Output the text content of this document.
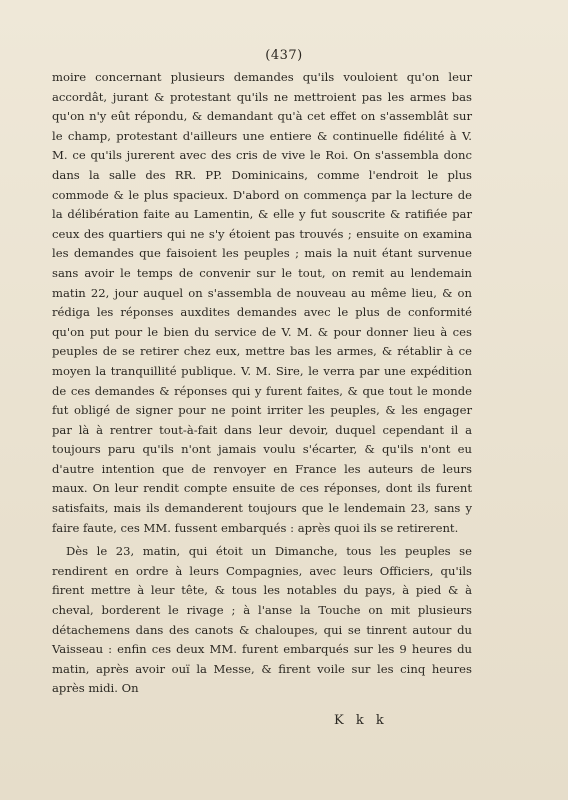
(437)

moire concernant plusieurs demandes qu'ils vouloient qu'on leur accordât, jurant & protestant qu'ils ne mettroient pas les armes bas qu'on n'y eût répondu, & demandant qu'à cet effet on s'assemblât sur le champ, protestant d'ailleurs une entiere & continuelle fidélité à V. M. ce qu'ils jurerent avec des cris de vive le Roi. On s'assembla donc dans la salle des RR. PP. Dominicains, comme l'endroit le plus commode & le plus spacieux. D'abord on commença par la lecture de la délibération faite au Lamentin, & elle y fut souscrite & ratifiée par ceux des quartiers qui ne s'y étoient pas trouvés ; ensuite on examina les demandes que faisoient les peuples ; mais la nuit étant survenue sans avoir le temps de convenir sur le tout, on remit au lendemain matin 22, jour auquel on s'assembla de nouveau au même lieu, & on rédiga les réponses auxdites demandes avec le plus de conformité qu'on put pour le bien du service de V. M. & pour donner lieu à ces peuples de se retirer chez eux, mettre bas les armes, & rétablir à ce moyen la tranquillité publique. V. M. Sire, le verra par une expédition de ces demandes & réponses qui y furent faites, & que tout le monde fut obligé de signer pour ne point irriter les peuples, & les engager par là à rentrer tout-à-fait dans leur devoir, duquel cependant il a toujours paru qu'ils n'ont jamais voulu s'écarter, & qu'ils n'ont eu d'autre intention que de renvoyer en France les auteurs de leurs maux. On leur rendit compte ensuite de ces réponses, dont ils furent satisfaits, mais ils demanderent toujours que le lendemain 23, sans y faire faute, ces MM. fussent embarqués : après quoi ils se retirerent.

Dès le 23, matin, qui étoit un Dimanche, tous les peuples se rendirent en ordre à leurs Compagnies, avec leurs Officiers, qu'ils firent mettre à leur tête, & tous les notables du pays, à pied & à cheval, borderent le rivage ; à l'anse la Touche on mit plusieurs détachemens dans des canots & chaloupes, qui se tinrent autour du Vaisseau : enfin ces deux MM. furent embarqués sur les 9 heures du matin, après avoir ouï la Messe, & firent voile sur les cinq heures après midi. On

K k k
